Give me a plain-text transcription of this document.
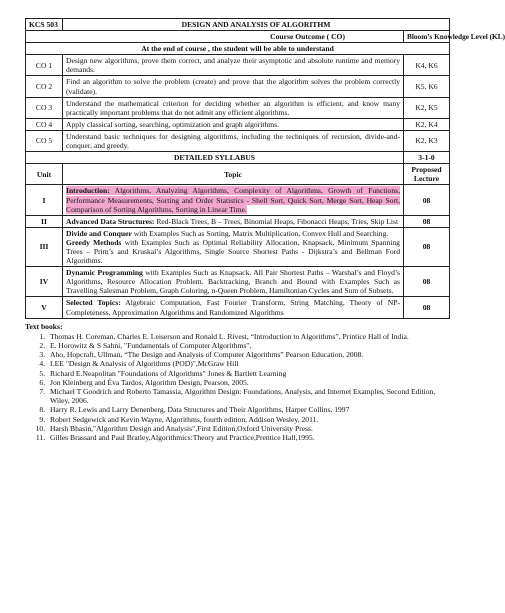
KCS 503	DESIGN AND ANALYSIS OF ALGORITHM	
Course Outcome ( CO)		Bloom’s Knowledge Level (KL)
At the end of course , the student will be able to understand		
CO 1	Design new algorithms, prove them correct, and analyze their asymptotic and absolute runtime and memory demands.	K4, K6
CO 2	Find an algorithm to solve the problem (create) and prove that the algorithm solves the problem correctly (validate).	K5, K6
CO 3	Understand the mathematical criterion for deciding whether an algorithm is efficient, and know many practically important problems that do not admit any efficient algorithms.	K2, K5
CO 4	Apply classical sorting, searching, optimization and graph algorithms.	K2, K4
CO 5	Understand basic techniques for designing algorithms, including the techniques of recursion, divide-and-conquer, and greedy.	K2, K3
DETAILED SYLLABUS		3-1-0
Unit	Topic	Proposed Lecture
I	Introduction: Algorithms, Analyzing Algorithms, Complexity of Algorithms, Growth of Functions, Performance Measurements, Sorting and Order Statistics - Shell Sort, Quick Sort, Merge Sort, Heap Sort, Comparison of Sorting Algorithms, Sorting in Linear Time.	08
II	Advanced Data Structures: Red-Black Trees, B – Trees, Binomial Heaps, Fibonacci Heaps, Tries, Skip List	08
III	Divide and Conquer with Examples Such as Sorting, Matrix Multiplication, Convex Hull and Searching.
Greedy Methods with Examples Such as Optimal Reliability Allocation, Knapsack, Minimum Spanning Trees – Prim’s and Kruskal’s Algorithms, Single Source Shortest Paths - Dijkstra’s and Bellman Ford Algorithms.	08
IV	Dynamic Programming with Examples Such as Knapsack. All Pair Shortest Paths – Warshal’s and Floyd’s Algorithms, Resource Allocation Problem. Backtracking, Branch and Bound with Examples Such as Travelling Salesman Problem, Graph Coloring, n-Queen Problem, Hamiltonian Cycles and Sum of Subsets.	08
V	Selected Topics: Algebraic Computation, Fast Fourier Transform, String Matching, Theory of NP-Completeness, Approximation Algorithms and Randomized Algorithms	08
Text books:
1. Thomas H. Coreman, Charles E. Leiserson and Ronald L. Rivest, “Introduction to Algorithms”, Printice Hall of India.
2. E. Horowitz & S Sahni, "Fundamentals of Computer Algorithms",
3. Aho, Hopcraft, Ullman, “The Design and Analysis of Computer Algorithms” Pearson Education, 2008.
4. LEE "Design & Analysis of Algorithms (POD)",McGraw Hill
5. Richard E.Neapolitan "Foundations of Algorithms" Jones & Bartlett Learning
6. Jon Kleinberg and Éva Tardos, Algorithm Design, Pearson, 2005.
7. Michael T Goodrich and Roberto Tamassia, Algorithm Design: Foundations, Analysis, and Internet Examples, Second Edition, Wiley, 2006.
8. Harry R. Lewis and Larry Denenberg, Data Structures and Their Algorithms, Harper Collins, 1997
9. Robert Sedgewick and Kevin Wayne, Algorithms, fourth edition, Addison Wesley, 2011.
10. Harsh Bhasin,"Algorithm Design and Analysis",First Edition,Oxford University Press.
11. Gilles Brassard and Paul Bratley,Algorithmics:Theory and Practice,Prentice Hall,1995.
